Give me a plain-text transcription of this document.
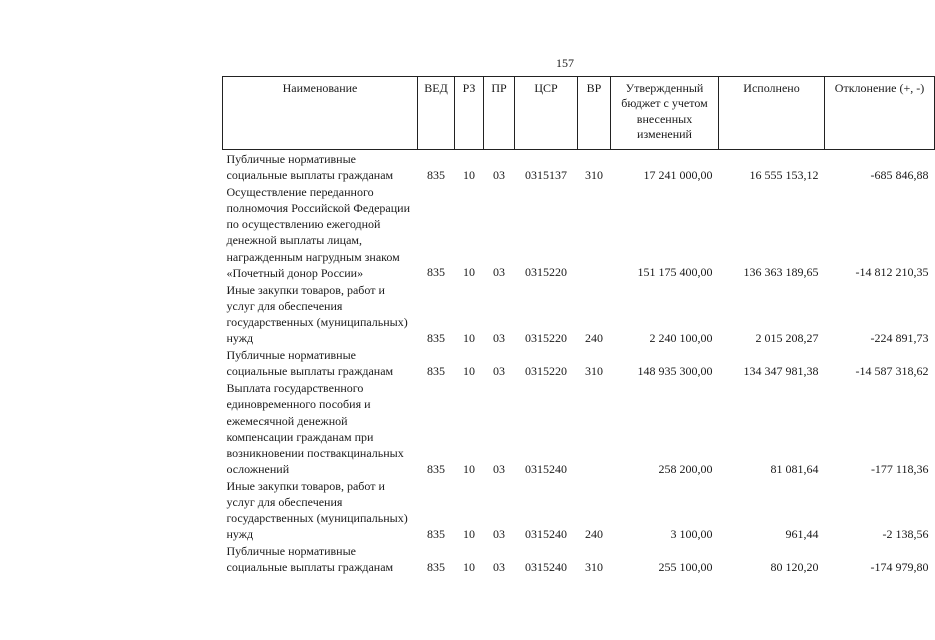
157
Наименование	ВЕД	РЗ	ПР	ЦСР	ВР	Утвержденный бюджет с учетом внесенных изменений	Исполнено	Отклонение (+, -)
Публичные нормативные социальные выплаты гражданам	835	10	03	0315137	310	17 241 000,00	16 555 153,12	-685 846,88
Осуществление переданного полномочия Российской Федерации по осуществлению ежегодной денежной выплаты лицам, награжденным нагрудным знаком «Почетный донор России»	835	10	03	0315220		151 175 400,00	136 363 189,65	-14 812 210,35
Иные закупки товаров, работ и услуг для обеспечения государственных (муниципальных) нужд	835	10	03	0315220	240	2 240 100,00	2 015 208,27	-224 891,73
Публичные нормативные социальные выплаты гражданам	835	10	03	0315220	310	148 935 300,00	134 347 981,38	-14 587 318,62
Выплата государственного единовременного пособия и ежемесячной денежной компенсации гражданам при возникновении поствакцинальных осложнений	835	10	03	0315240		258 200,00	81 081,64	-177 118,36
Иные закупки товаров, работ и услуг для обеспечения государственных (муниципальных) нужд	835	10	03	0315240	240	3 100,00	961,44	-2 138,56
Публичные нормативные социальные выплаты гражданам	835	10	03	0315240	310	255 100,00	80 120,20	-174 979,80
